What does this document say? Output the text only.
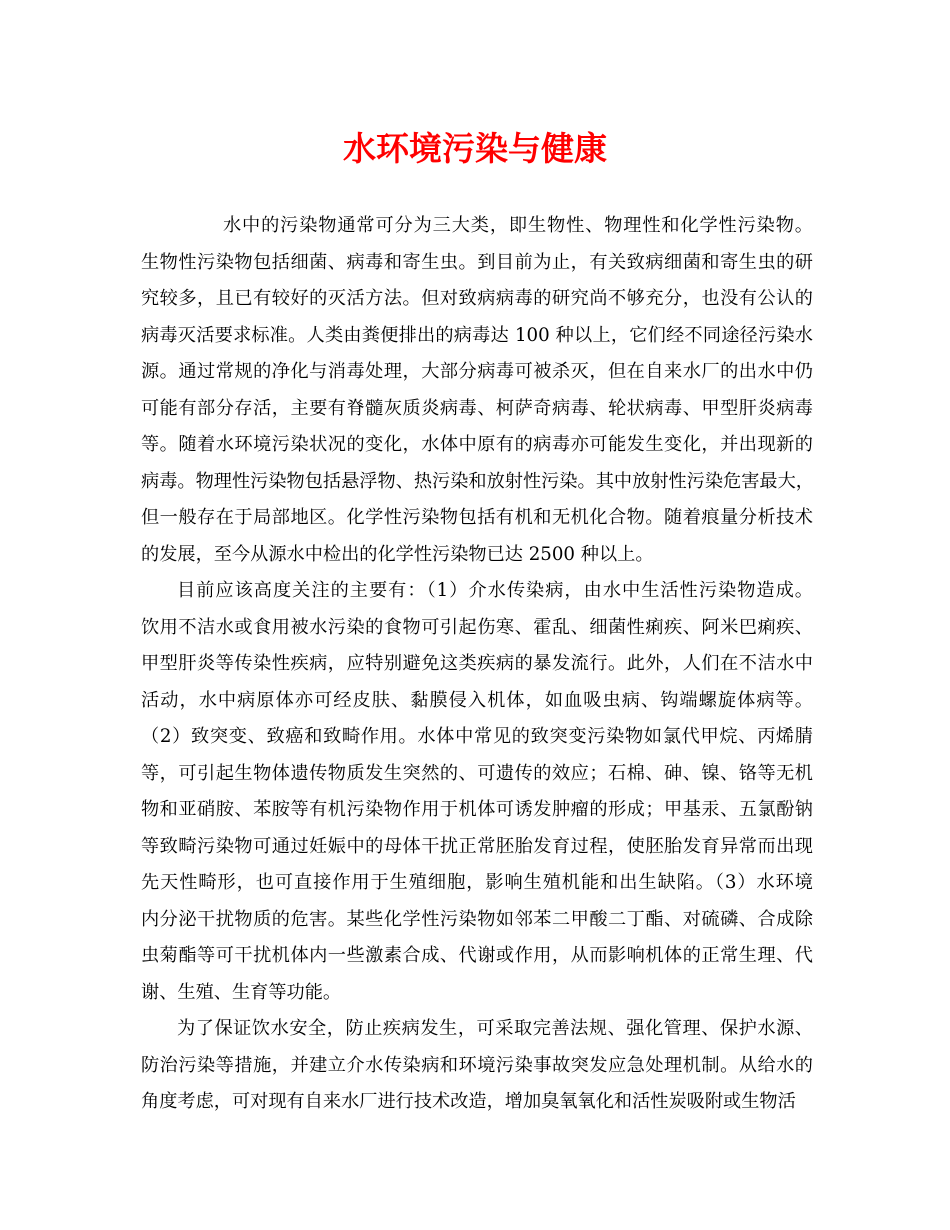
水环境污染与健康
水中的污染物通常可分为三大类，即生物性、物理性和化学性污染物。
生物性污染物包括细菌、病毒和寄生虫。到目前为止，有关致病细菌和寄生虫的研
究较多，且已有较好的灭活方法。但对致病病毒的研究尚不够充分，也没有公认的
病毒灭活要求标准。人类由粪便排出的病毒达 100 种以上，它们经不同途径污染水
源。通过常规的净化与消毒处理，大部分病毒可被杀灭，但在自来水厂的出水中仍
可能有部分存活，主要有脊髓灰质炎病毒、柯萨奇病毒、轮状病毒、甲型肝炎病毒
等。随着水环境污染状况的变化，水体中原有的病毒亦可能发生变化，并出现新的
病毒。物理性污染物包括悬浮物、热污染和放射性污染。其中放射性污染危害最大，
但一般存在于局部地区。化学性污染物包括有机和无机化合物。随着痕量分析技术
的发展，至今从源水中检出的化学性污染物已达 2500 种以上。
目前应该高度关注的主要有：（1）介水传染病，由水中生活性污染物造成。
饮用不洁水或食用被水污染的食物可引起伤寒、霍乱、细菌性痢疾、阿米巴痢疾、
甲型肝炎等传染性疾病，应特别避免这类疾病的暴发流行。此外，人们在不洁水中
活动，水中病原体亦可经皮肤、黏膜侵入机体，如血吸虫病、钩端螺旋体病等。
（2）致突变、致癌和致畸作用。水体中常见的致突变污染物如氯代甲烷、丙烯腈
等，可引起生物体遗传物质发生突然的、可遗传的效应；石棉、砷、镍、铬等无机
物和亚硝胺、苯胺等有机污染物作用于机体可诱发肿瘤的形成；甲基汞、五氯酚钠
等致畸污染物可通过妊娠中的母体干扰正常胚胎发育过程，使胚胎发育异常而出现
先天性畸形，也可直接作用于生殖细胞，影响生殖机能和出生缺陷。（3）水环境
内分泌干扰物质的危害。某些化学性污染物如邻苯二甲酸二丁酯、对硫磷、合成除
虫菊酯等可干扰机体内一些激素合成、代谢或作用，从而影响机体的正常生理、代
谢、生殖、生育等功能。
为了保证饮水安全，防止疾病发生，可采取完善法规、强化管理、保护水源、
防治污染等措施，并建立介水传染病和环境污染事故突发应急处理机制。从给水的
角度考虑，可对现有自来水厂进行技术改造，增加臭氧氧化和活性炭吸附或生物活
